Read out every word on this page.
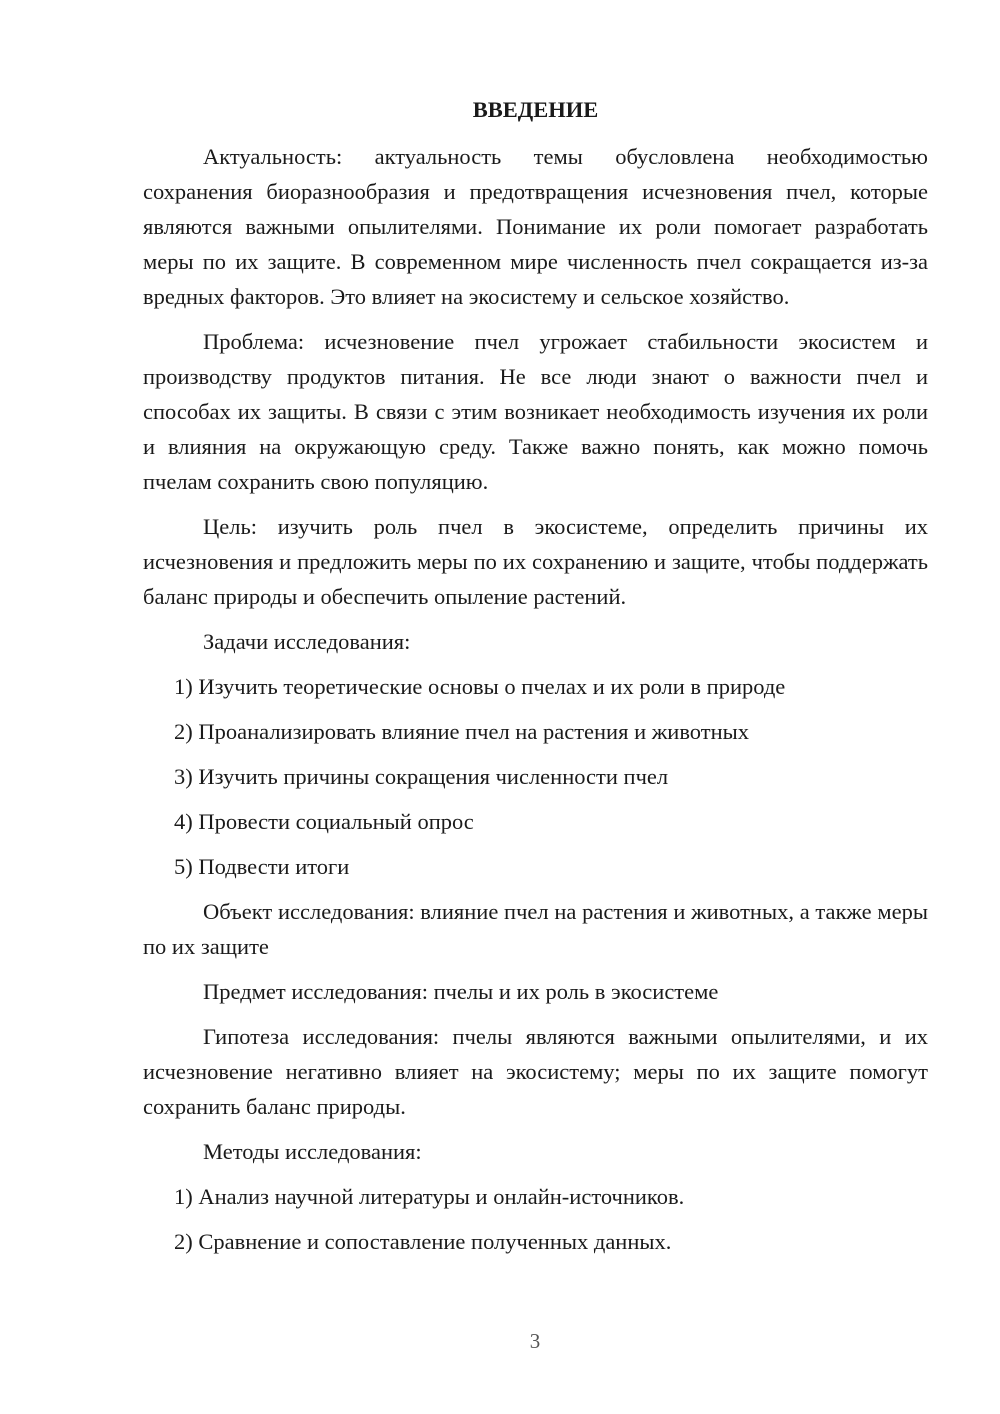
ВВЕДЕНИЕ

Актуальность: актуальность темы обусловлена необходимостью сохранения биоразнообразия и предотвращения исчезновения пчел, которые являются важными опылителями. Понимание их роли помогает разработать меры по их защите. В современном мире численность пчел сокращается из-за вредных факторов. Это влияет на экосистему и сельское хозяйство.

Проблема: исчезновение пчел угрожает стабильности экосистем и производству продуктов питания. Не все люди знают о важности пчел и способах их защиты. В связи с этим возникает необходимость изучения их роли и влияния на окружающую среду. Также важно понять, как можно помочь пчелам сохранить свою популяцию.

Цель: изучить роль пчел в экосистеме, определить причины их исчезновения и предложить меры по их сохранению и защите, чтобы поддержать баланс природы и обеспечить опыление растений.

Задачи исследования:
1) Изучить теоретические основы о пчелах и их роли в природе
2) Проанализировать влияние пчел на растения и животных
3) Изучить причины сокращения численности пчел
4) Провести социальный опрос
5) Подвести итоги

Объект исследования: влияние пчел на растения и животных, а также меры по их защите

Предмет исследования: пчелы и их роль в экосистеме

Гипотеза исследования: пчелы являются важными опылителями, и их исчезновение негативно влияет на экосистему; меры по их защите помогут сохранить баланс природы.

Методы исследования:
1) Анализ научной литературы и онлайн-источников.
2) Сравнение и сопоставление полученных данных.
3
